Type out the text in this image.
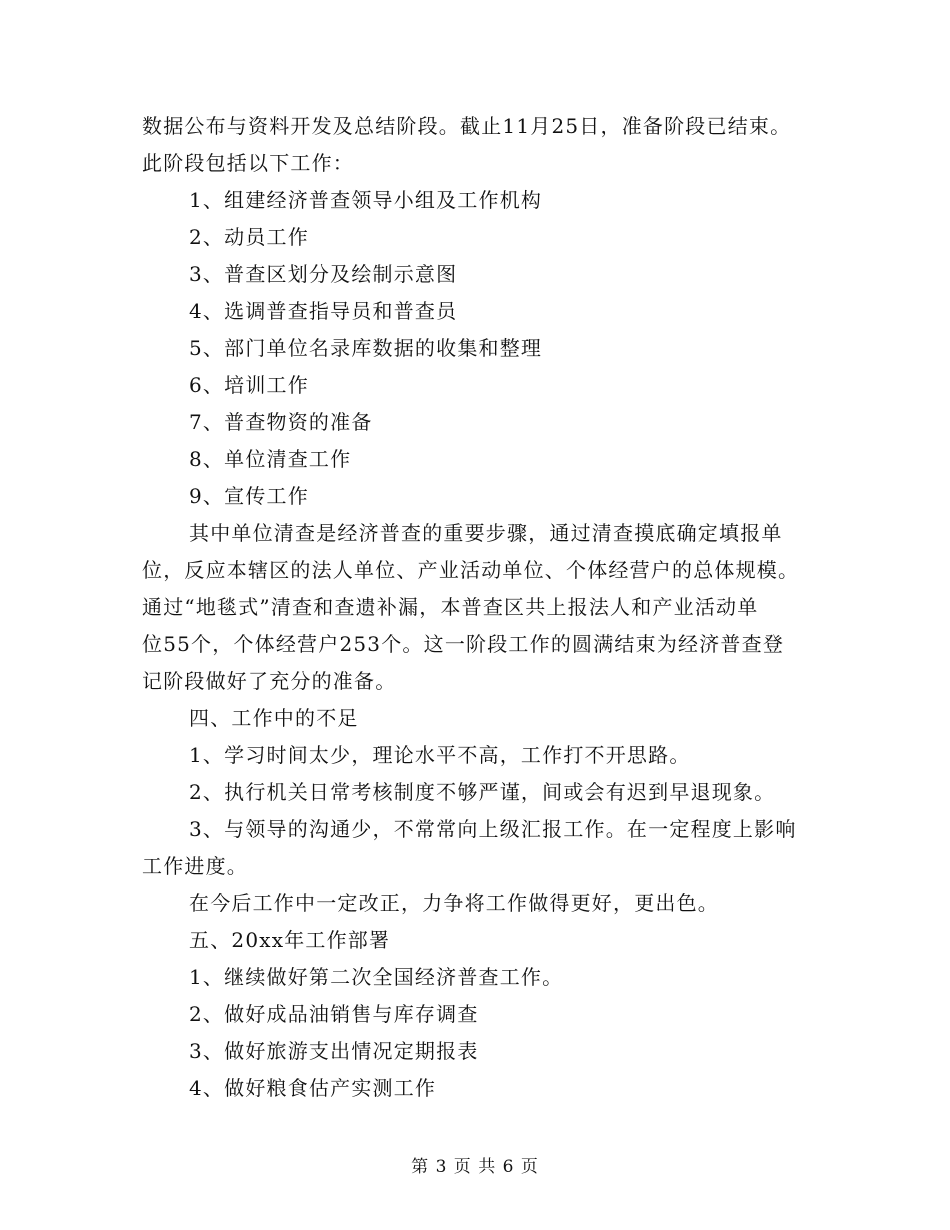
数据公布与资料开发及总结阶段。截止11月25日，准备阶段已结束。
此阶段包括以下工作：
1、组建经济普查领导小组及工作机构
2、动员工作
3、普查区划分及绘制示意图
4、选调普查指导员和普查员
5、部门单位名录库数据的收集和整理
6、培训工作
7、普查物资的准备
8、单位清查工作
9、宣传工作
其中单位清查是经济普查的重要步骤，通过清查摸底确定填报单
位，反应本辖区的法人单位、产业活动单位、个体经营户的总体规模。
通过“地毯式”清查和查遗补漏，本普查区共上报法人和产业活动单
位55个，个体经营户253个。这一阶段工作的圆满结束为经济普查登
记阶段做好了充分的准备。
四、工作中的不足
1、学习时间太少，理论水平不高，工作打不开思路。
2、执行机关日常考核制度不够严谨，间或会有迟到早退现象。
3、与领导的沟通少，不常常向上级汇报工作。在一定程度上影响
工作进度。
在今后工作中一定改正，力争将工作做得更好，更出色。
五、20xx年工作部署
1、继续做好第二次全国经济普查工作。
2、做好成品油销售与库存调查
3、做好旅游支出情况定期报表
4、做好粮食估产实测工作
第 3 页 共 6 页
